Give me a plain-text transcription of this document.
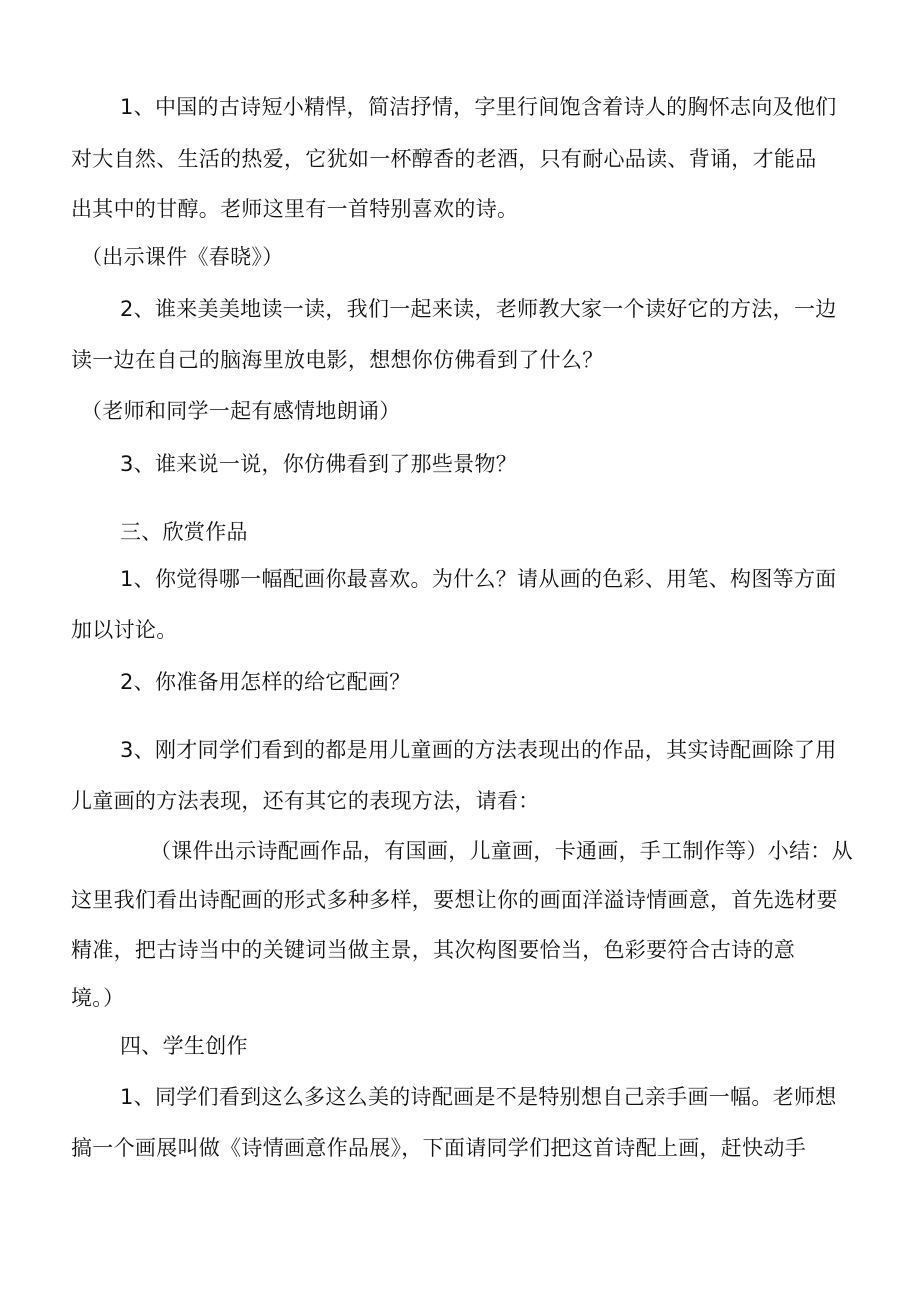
1、中国的古诗短小精悍，简洁抒情，字里行间饱含着诗人的胸怀志向及他们
对大自然、生活的热爱，它犹如一杯醇香的老酒，只有耐心品读、背诵，才能品
出其中的甘醇。老师这里有一首特别喜欢的诗。
（出示课件《春晓》）
2、谁来美美地读一读，我们一起来读，老师教大家一个读好它的方法，一边
读一边在自己的脑海里放电影，想想你仿佛看到了什么？
（老师和同学一起有感情地朗诵）
3、谁来说一说，你仿佛看到了那些景物？
三、欣赏作品
1、你觉得哪一幅配画你最喜欢。为什么？请从画的色彩、用笔、构图等方面
加以讨论。
2、你准备用怎样的给它配画？
3、刚才同学们看到的都是用儿童画的方法表现出的作品，其实诗配画除了用
儿童画的方法表现，还有其它的表现方法，请看：
（课件出示诗配画作品，有国画，儿童画，卡通画，手工制作等）小结：从
这里我们看出诗配画的形式多种多样，要想让你的画面洋溢诗情画意，首先选材要
精准，把古诗当中的关键词当做主景，其次构图要恰当，色彩要符合古诗的意
境。）
四、学生创作
1、同学们看到这么多这么美的诗配画是不是特别想自己亲手画一幅。老师想
搞一个画展叫做《诗情画意作品展》，下面请同学们把这首诗配上画，赶快动手
